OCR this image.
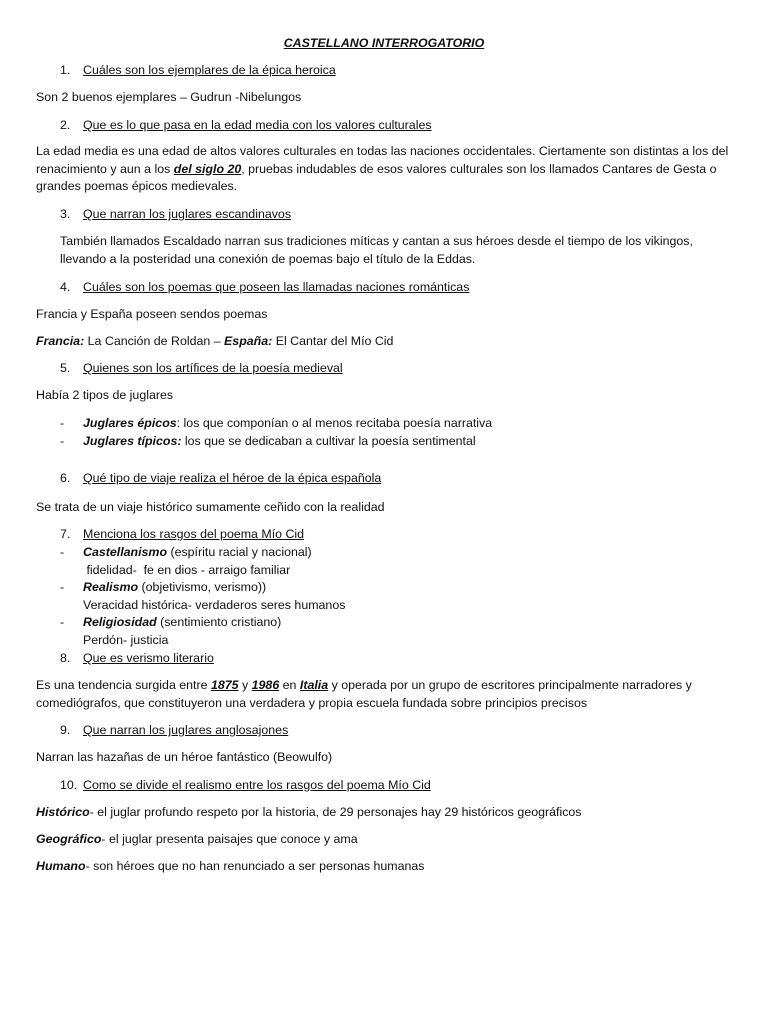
CASTELLANO INTERROGATORIO
1. Cuáles son los ejemplares de la épica heroica
Son 2 buenos ejemplares – Gudrun -Nibelungos
2. Que es lo que pasa en la edad media con los valores culturales
La edad media es una edad de altos valores culturales en todas las naciones occidentales. Ciertamente son distintas a los del renacimiento y aun a los del siglo 20, pruebas indudables de esos valores culturales son los llamados Cantares de Gesta o grandes poemas épicos medievales.
3. Que narran los juglares escandinavos
También llamados Escaldado narran sus tradiciones míticas y cantan a sus héroes desde el tiempo de los vikingos, llevando a la posteridad una conexión de poemas bajo el título de la Eddas.
4. Cuáles son los poemas que poseen las llamadas naciones románticas
Francia y España poseen sendos poemas
Francia: La Canción de Roldan – España: El Cantar del Mío Cid
5. Quienes son los artífices de la poesía medieval
Había 2 tipos de juglares
- Juglares épicos: los que componían o al menos recitaba poesía narrativa
- Juglares típicos: los que se dedicaban a cultivar la poesía sentimental
6. Qué tipo de viaje realiza el héroe de la épica española
Se trata de un viaje histórico sumamente ceñido con la realidad
7. Menciona los rasgos del poema Mío Cid
- Castellanismo (espíritu racial y nacional)
fidelidad-  fe en dios - arraigo familiar
- Realismo (objetivismo, verismo))
Veracidad histórica- verdaderos seres humanos
- Religiosidad (sentimiento cristiano)
Perdón- justicia
8. Que es verismo literario
Es una tendencia surgida entre 1875 y 1986 en Italia y operada por un grupo de escritores principalmente narradores y comediógrafos, que constituyeron una verdadera y propia escuela fundada sobre principios precisos
9. Que narran los juglares anglosajones
Narran las hazañas de un héroe fantástico (Beowulfo)
10. Como se divide el realismo entre los rasgos del poema Mío Cid
Histórico- el juglar profundo respeto por la historia, de 29 personajes hay 29 históricos geográficos
Geográfico- el juglar presenta paisajes que conoce y ama
Humano- son héroes que no han renunciado a ser personas humanas
